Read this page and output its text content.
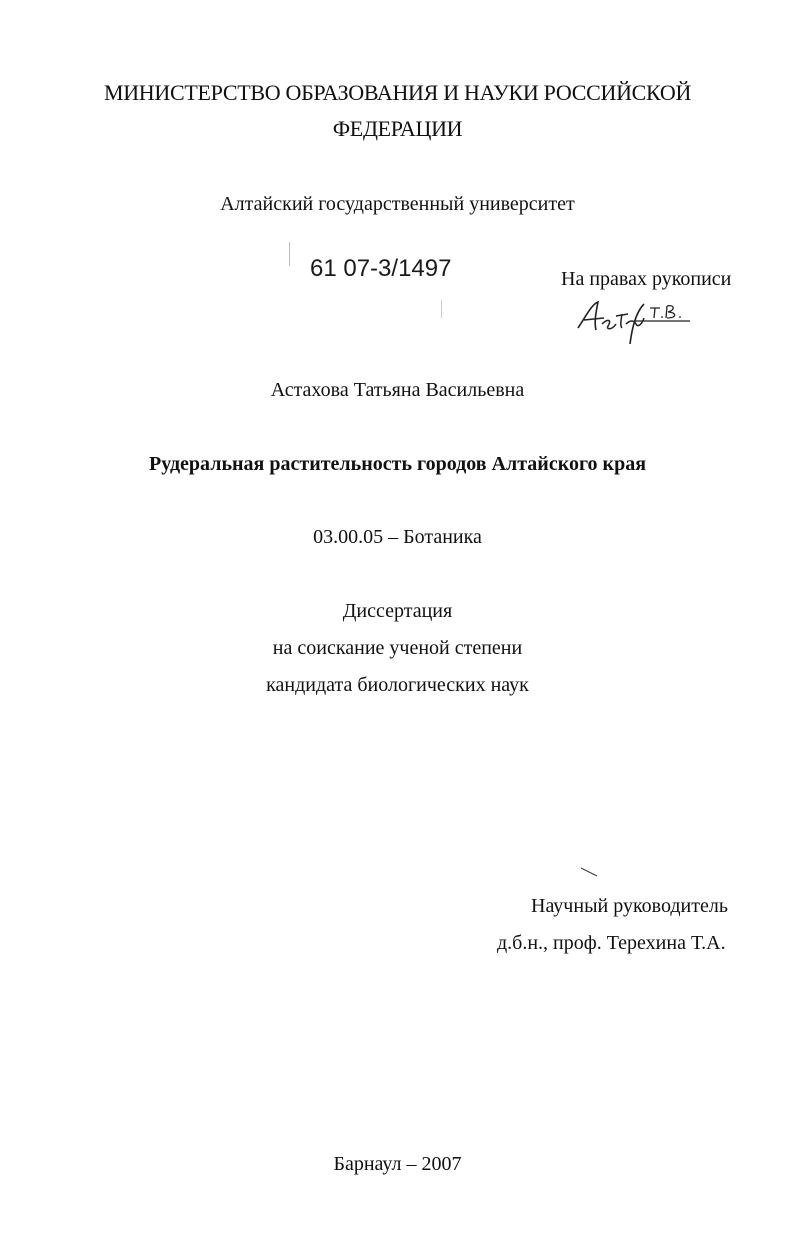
МИНИСТЕРСТВО ОБРАЗОВАНИЯ И НАУКИ РОССИЙСКОЙ
ФЕДЕРАЦИИ
Алтайский государственный университет
61 07-3/1497	На правах рукописи
Астахова Татьяна Васильевна
Рудеральная растительность городов Алтайского края
03.00.05 – Ботаника
Диссертация
на соискание ученой степени
кандидата биологических наук
Научный руководитель
д.б.н., проф. Терехина Т.А.
Барнаул – 2007
